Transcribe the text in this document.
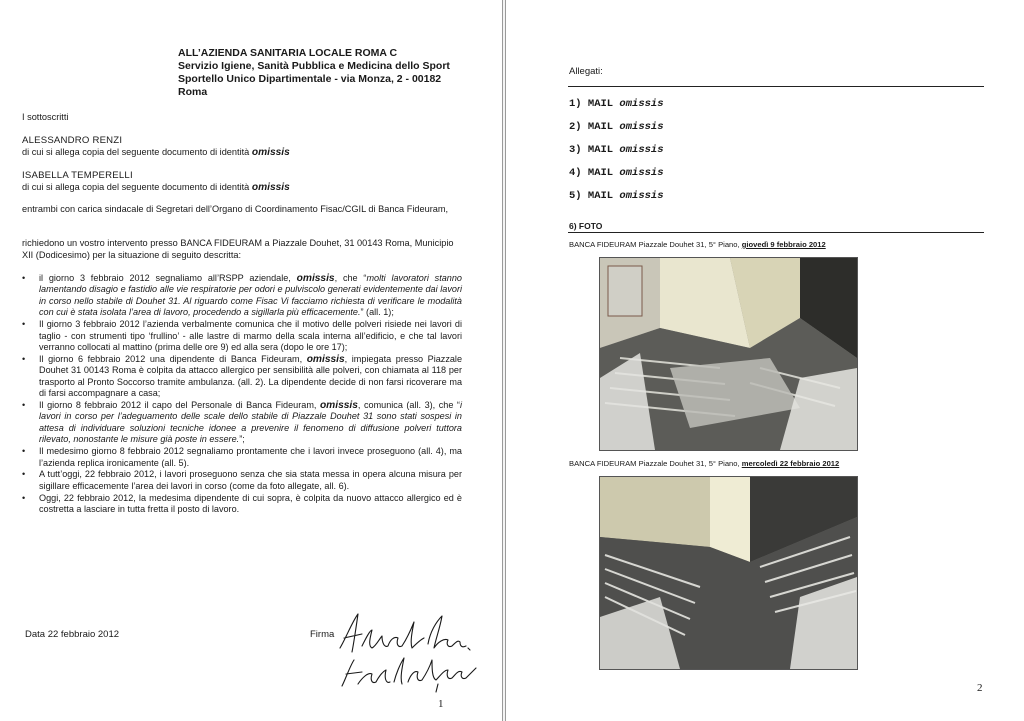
ALL’AZIENDA SANITARIA LOCALE ROMA C
Servizio Igiene, Sanità Pubblica e Medicina dello Sport
Sportello Unico Dipartimentale - via Monza, 2 - 00182
Roma
I sottoscritti
ALESSANDRO RENZI
di cui si allega copia del seguente documento di identità omissis
ISABELLA TEMPERELLI
di cui si allega copia del seguente documento di identità omissis
entrambi con carica sindacale di Segretari dell’Organo di Coordinamento Fisac/CGIL di Banca Fideuram,
richiedono un vostro intervento presso BANCA FIDEURAM a Piazzale Douhet, 31 00143 Roma, Municipio XII (Dodicesimo) per la situazione di seguito descritta:
• il giorno 3 febbraio 2012 segnaliamo all’RSPP aziendale, omissis, che “molti lavoratori stanno lamentando disagio e fastidio alle vie respiratorie per odori e pulviscolo generati evidentemente dai lavori in corso nello stabile di Douhet 31. Al riguardo come Fisac Vi facciamo richiesta di verificare le modalità con cui è stata isolata l’area di lavoro, procedendo a sigillarla più efficacemente.” (all. 1);
• Il giorno 3 febbraio 2012 l’azienda verbalmente comunica che il motivo delle polveri risiede nei lavori di taglio - con strumenti tipo ‘frullino’ - alle lastre di marmo della scala interna all’edificio, e che tal lavori verranno collocati al mattino (prima delle ore 9) ed alla sera (dopo le ore 17);
• Il giorno 6 febbraio 2012 una dipendente di Banca Fideuram, omissis, impiegata presso Piazzale Douhet 31 00143 Roma è colpita da attacco allergico per sensibilità alle polveri, con chiamata al 118 per trasporto al Pronto Soccorso tramite ambulanza. (all. 2). La dipendente decide di non farsi ricoverare ma di farsi accompagnare a casa;
• Il giorno 8 febbraio 2012 il capo del Personale di Banca Fideuram, omissis, comunica (all. 3), che “i lavori in corso per l’adeguamento delle scale dello stabile di Piazzale Douhet 31 sono stati sospesi in attesa di individuare soluzioni tecniche idonee a prevenire il fenomeno di diffusione polveri tuttora rilevato, nonostante le misure già poste in essere.”;
• Il medesimo giorno 8 febbraio 2012 segnaliamo prontamente che i lavori invece proseguono (all. 4), ma l’azienda replica ironicamente (all. 5).
• A tutt’oggi, 22 febbraio 2012, i lavori proseguono senza che sia stata messa in opera alcuna misura per sigillare efficacemente l’area dei lavori in corso (come da foto allegate, all. 6).
• Oggi, 22 febbraio 2012, la medesima dipendente di cui sopra, è colpita da nuovo attacco allergico ed è costretta a lasciare in tutta fretta il posto di lavoro.
Data 22 febbraio 2012	Firma
1
Allegati:
1) MAIL omissis
2) MAIL omissis
3) MAIL omissis
4) MAIL omissis
5) MAIL omissis
6) FOTO
BANCA FIDEURAM Piazzale Douhet 31, 5° Piano, giovedì 9 febbraio 2012
BANCA FIDEURAM Piazzale Douhet 31, 5° Piano, mercoledì 22 febbraio 2012
2
